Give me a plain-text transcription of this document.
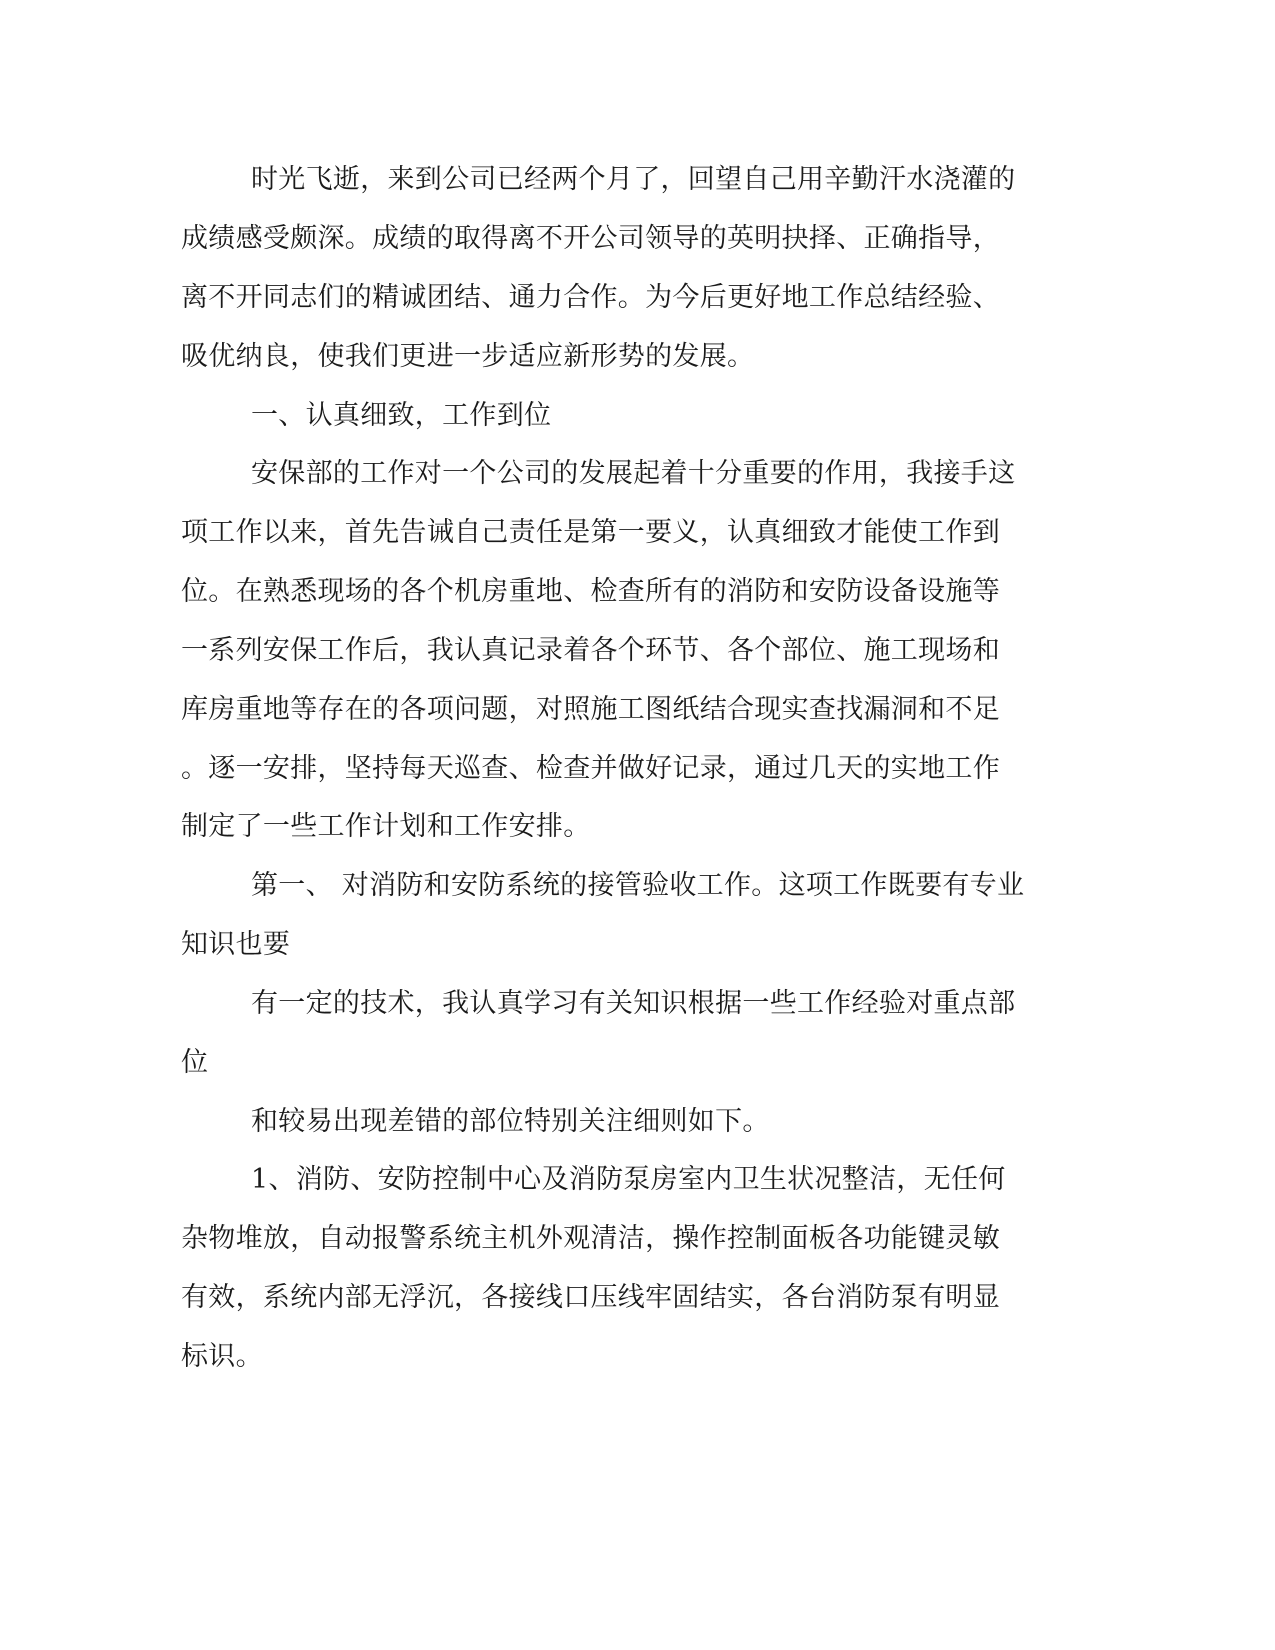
时光飞逝，来到公司已经两个月了，回望自己用辛勤汗水浇灌的
成绩感受颇深。成绩的取得离不开公司领导的英明抉择、正确指导，
离不开同志们的精诚团结、通力合作。为今后更好地工作总结经验、
吸优纳良，使我们更进一步适应新形势的发展。
一、认真细致，工作到位
安保部的工作对一个公司的发展起着十分重要的作用，我接手这
项工作以来，首先告诫自己责任是第一要义，认真细致才能使工作到
位。在熟悉现场的各个机房重地、检查所有的消防和安防设备设施等
一系列安保工作后，我认真记录着各个环节、各个部位、施工现场和
库房重地等存在的各项问题，对照施工图纸结合现实查找漏洞和不足
。逐一安排，坚持每天巡查、检查并做好记录，通过几天的实地工作
制定了一些工作计划和工作安排。
第一、 对消防和安防系统的接管验收工作。这项工作既要有专业
知识也要
有一定的技术，我认真学习有关知识根据一些工作经验对重点部
位
和较易出现差错的部位特别关注细则如下。
1、消防、安防控制中心及消防泵房室内卫生状况整洁，无任何
杂物堆放，自动报警系统主机外观清洁，操作控制面板各功能键灵敏
有效，系统内部无浮沉，各接线口压线牢固结实，各台消防泵有明显
标识。
